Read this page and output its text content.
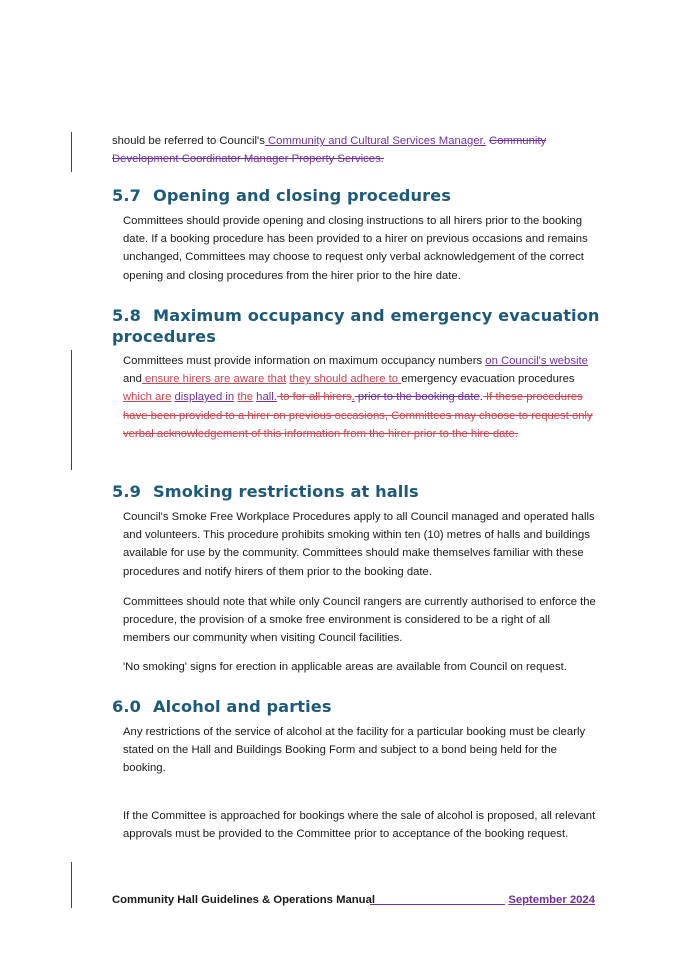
should be referred to Council's Community and Cultural Services Manager. Community Development Coordinator Manager Property Services.

5.7 Opening and closing procedures

Committees should provide opening and closing instructions to all hirers prior to the booking date. If a booking procedure has been provided to a hirer on previous occasions and remains unchanged, Committees may choose to request only verbal acknowledgement of the correct opening and closing procedures from the hirer prior to the hire date.

5.8 Maximum occupancy and emergency evacuation procedures

Committees must provide information on maximum occupancy numbers on Council's website and ensure hirers are aware that they should adhere to emergency evacuation procedures which are displayed in the hall. to for all hirers. prior to the booking date. If these procedures have been provided to a hirer on previous occasions, Committees may choose to request only verbal acknowledgement of this information from the hirer prior to the hire date.

5.9 Smoking restrictions at halls

Council's Smoke Free Workplace Procedures apply to all Council managed and operated halls and volunteers. This procedure prohibits smoking within ten (10) metres of halls and buildings available for use by the community. Committees should make themselves familiar with these procedures and notify hirers of them prior to the booking date.

Committees should note that while only Council rangers are currently authorised to enforce the procedure, the provision of a smoke free environment is considered to be a right of all members our community when visiting Council facilities.

'No smoking' signs for erection in applicable areas are available from Council on request.

6.0 Alcohol and parties

Any restrictions of the service of alcohol at the facility for a particular booking must be clearly stated on the Hall and Buildings Booking Form and subject to a bond being held for the booking.

If the Committee is approached for bookings where the sale of alcohol is proposed, all relevant approvals must be provided to the Committee prior to acceptance of the booking request.

Community Hall Guidelines & Operations Manual	September 2024
